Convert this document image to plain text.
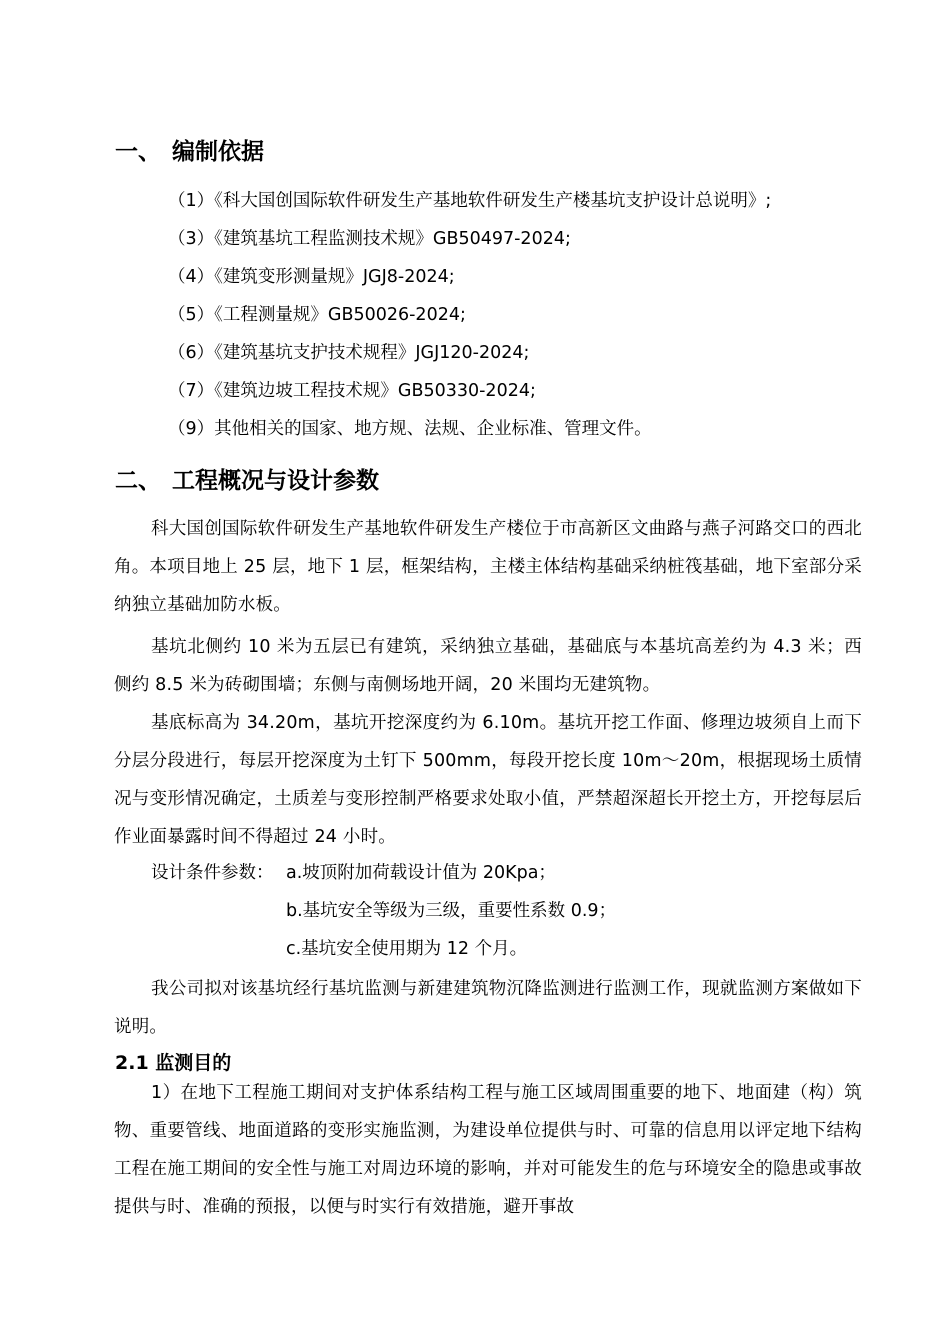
一、 编制依据
（1）《科大国创国际软件研发生产基地软件研发生产楼基坑支护设计总说明》;
（3）《建筑基坑工程监测技术规》GB50497-2024;
（4）《建筑变形测量规》JGJ8-2024;
（5）《工程测量规》GB50026-2024;
（6）《建筑基坑支护技术规程》JGJ120-2024;
（7）《建筑边坡工程技术规》GB50330-2024;
（9）其他相关的国家、地方规、法规、企业标准、管理文件。
二、 工程概况与设计参数
科大国创国际软件研发生产基地软件研发生产楼位于市高新区文曲路与燕子河路交口的西北角。本项目地上 25 层，地下 1 层，框架结构，主楼主体结构基础采纳桩筏基础，地下室部分采纳独立基础加防水板。
基坑北侧约 10 米为五层已有建筑，采纳独立基础，基础底与本基坑高差约为 4.3 米；西侧约 8.5 米为砖砌围墙；东侧与南侧场地开阔，20 米围均无建筑物。
基底标高为 34.20m，基坑开挖深度约为 6.10m。基坑开挖工作面、修理边坡须自上而下分层分段进行，每层开挖深度为土钉下 500mm，每段开挖长度 10m～20m，根据现场土质情况与变形情况确定，土质差与变形控制严格要求处取小值，严禁超深超长开挖土方，开挖每层后作业面暴露时间不得超过 24 小时。
设计条件参数： a.坡顶附加荷载设计值为 20Kpa；
b.基坑安全等级为三级，重要性系数 0.9；
c.基坑安全使用期为 12 个月。
我公司拟对该基坑经行基坑监测与新建建筑物沉降监测进行监测工作，现就监测方案做如下说明。
2.1 监测目的
1）在地下工程施工期间对支护体系结构工程与施工区域周围重要的地下、地面建（构）筑物、重要管线、地面道路的变形实施监测，为建设单位提供与时、可靠的信息用以评定地下结构工程在施工期间的安全性与施工对周边环境的影响，并对可能发生的危与环境安全的隐患或事故提供与时、准确的预报，以便与时实行有效措施，避开事故
